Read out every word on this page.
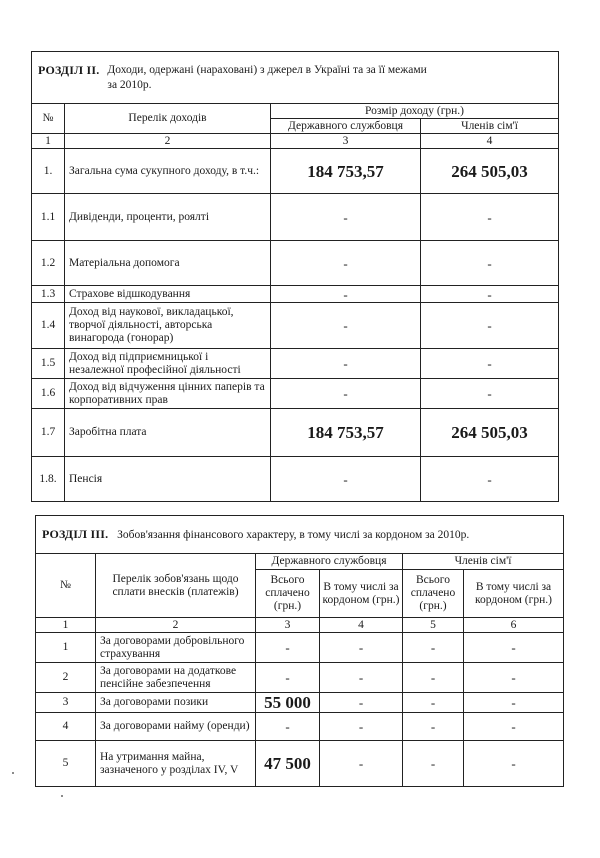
РОЗДІЛ ІІ. Доходи, одержані (нараховані) з джерел в Україні та за її межами
за 2010р.			

№	Перелік доходів	Розмір доходу (грн.)	
		Державного службовця	Членів сім'ї
1	2	3	4
1.	Загальна сума сукупного доходу, в т.ч.:	184 753,57	264 505,03
1.1	Дивіденди, проценти, роялті	-	-
1.2	Матеріальна допомога	-	-
1.3	Страхове відшкодування	-	-
1.4	Доход від наукової, викладацької, творчої діяльності, авторська винагорода (гонорар)	-	-
1.5	Доход від підприємницької і незалежної професійної діяльності	-	-
1.6	Доход від відчуження цінних паперів та корпоративних прав	-	-
1.7	Заробітна плата	184 753,57	264 505,03
1.8.	Пенсія	-	-
РОЗДІЛ ІІІ. Зобов'язання фінансового характеру, в тому числі за кордоном за 2010р.					
№	Перелік зобов'язань щодо сплати внесків (платежів)	Державного службовця		Членів сім'ї	
		Всього сплачено (грн.)	В тому числі за кордоном (грн.)	Всього сплачено (грн.)	В тому числі за кордоном (грн.)
1	2	3	4	5	6
1	За договорами добровільного страхування	-	-	-	-
2	За договорами на додаткове пенсійне забезпечення	-	-	-	-
3	За договорами позики	55 000	-	-	-
4	За договорами найму (оренди)	-	-	-	-
5	На утримання майна, зазначеного у розділах IV, V	47 500	-	-	-
